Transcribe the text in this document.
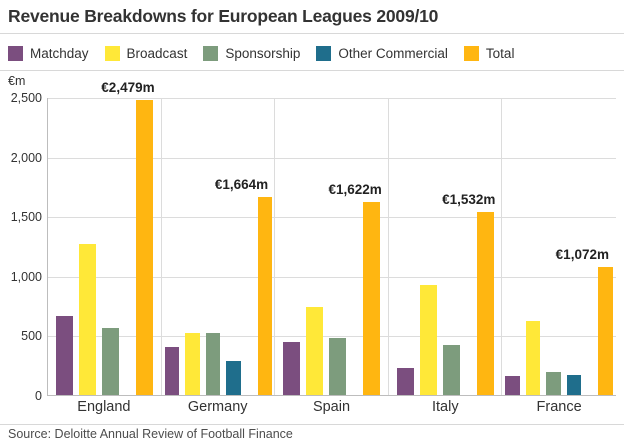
Revenue Breakdowns for European Leagues 2009/10
Matchday	Broadcast	Sponsorship	Other Commercial	Total
€m
0
500
1,000
1,500
2,000
2,500
€2,479m
€1,664m	€1,622m
€1,532m
€1,072m
England	Germany	Spain	Italy	France
Source: Deloitte Annual Review of Football Finance
